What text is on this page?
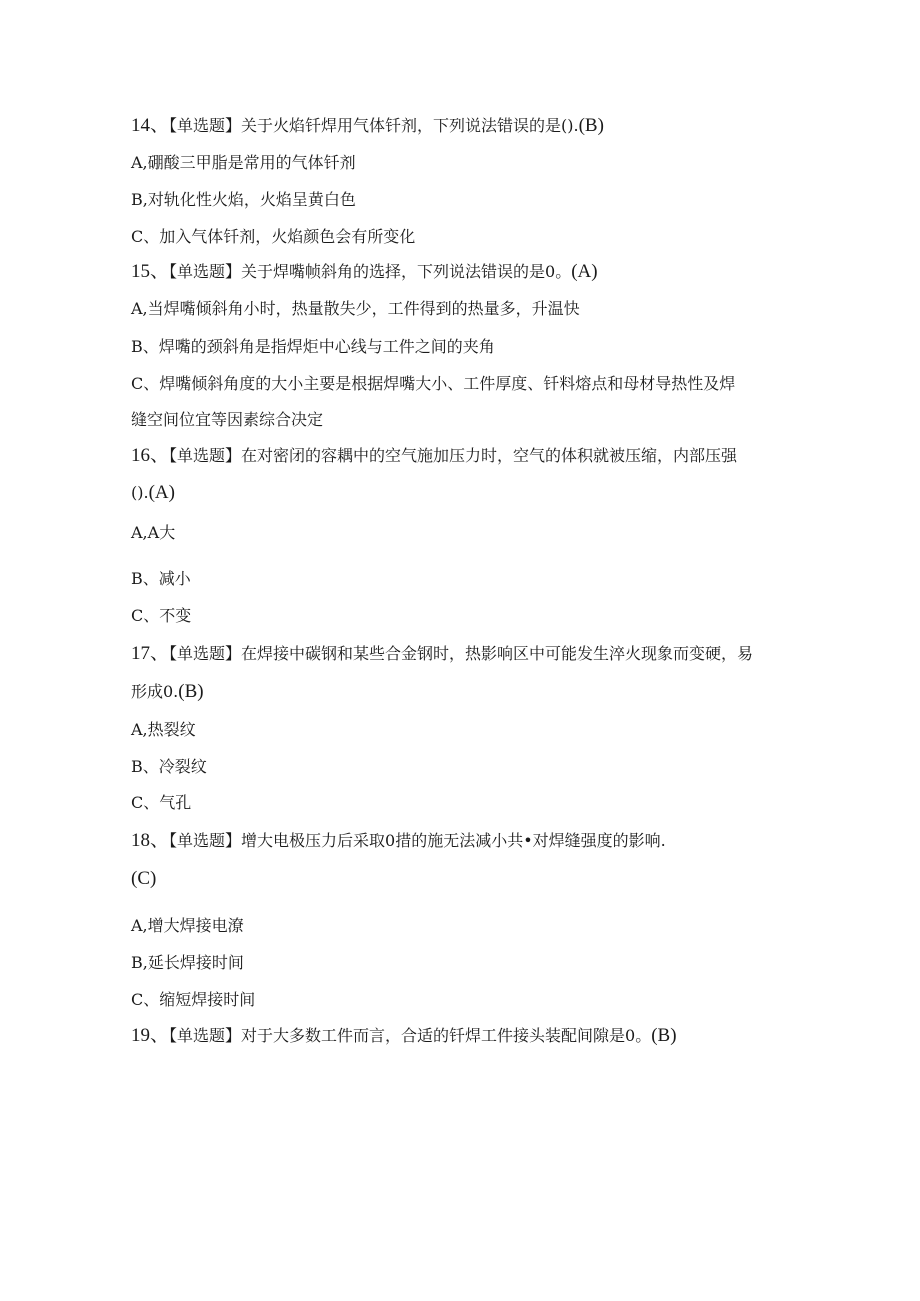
14、【单选题】关于火焰钎焊用气体钎剂，下列说法错误的是().(B)
A,硼酸三甲脂是常用的气体钎剂
B,对轨化性火焰，火焰呈黄白色
C、加入气体钎剂，火焰颜色会有所变化
15、【单选题】关于焊嘴帧斜角的选择，下列说法错误的是0。(A)
A,当焊嘴倾斜角小时，热量散失少，工件得到的热量多，升温快
B、焊嘴的颈斜角是指焊炬中心线与工件之间的夹角
C、焊嘴倾斜角度的大小主要是根据焊嘴大小、工件厚度、钎料熔点和母材导热性及焊
缝空间位宜等因素综合决定
16、【单选题】在对密闭的容耦中的空气施加压力时，空气的体积就被压缩，内部压强
().(A)
A,A大
B、减小
C、不变
17、【单选题】在焊接中碳钢和某些合金钢时，热影响区中可能发生淬火现象而变硬，易
形成0.(B)
A,热裂纹
B、冷裂纹
C、气孔
18、【单选题】增大电极压力后采取0措的施无法减小共•对焊缝强度的影响.
(C)
A,增大焊接电潦
B,延长焊接时间
C、缩短焊接时间
19、【单选题】对于大多数工件而言，合适的钎焊工件接头装配间隙是0。(B)
